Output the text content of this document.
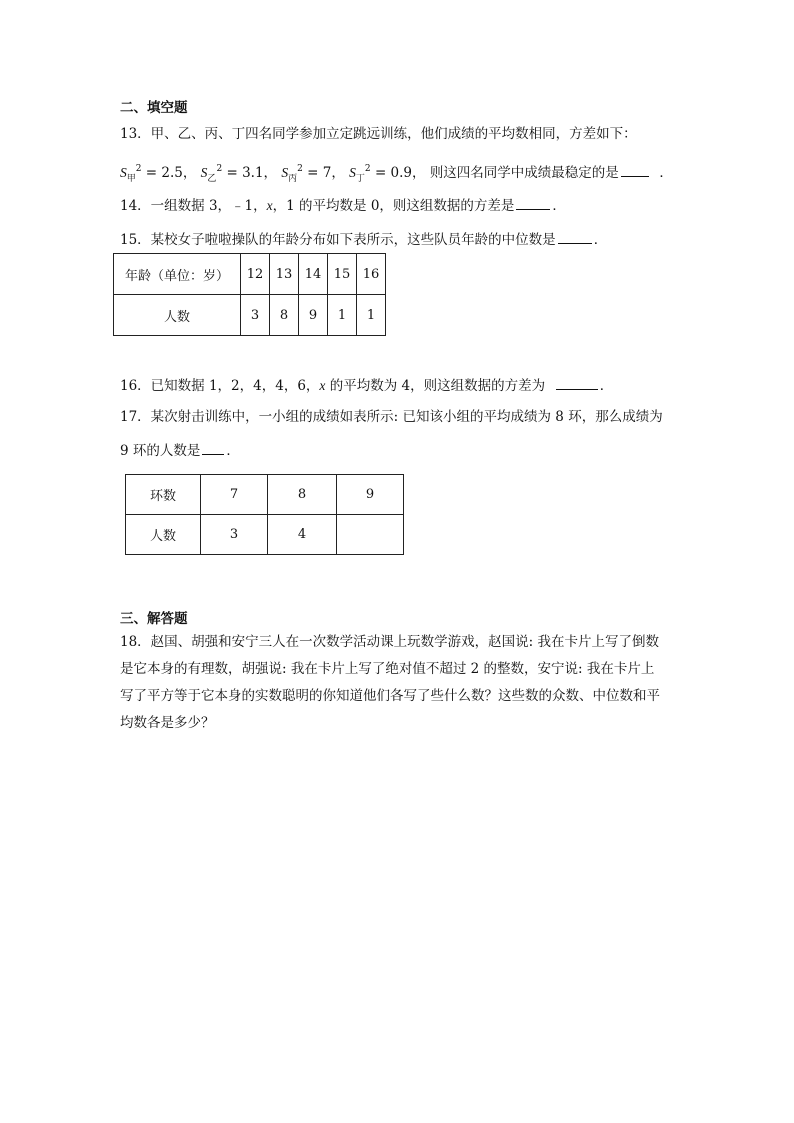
二、填空题
13．甲、乙、丙、丁四名同学参加立定跳远训练，他们成绩的平均数相同，方差如下：
$S_甲^2 = 2.5$， $S_乙^2 = 3.1$， $S_丙^2 = 7$， $S_丁^2 = 0.9$， 则这四名同学中成绩最稳定的是	．
14．一组数据 3，﹣1，x，1 的平均数是 0，则这组数据的方差是	．
15．某校女子啦啦操队的年龄分布如下表所示，这些队员年龄的中位数是	．
年龄（单位：岁）	12	13	14	15	16
人数	3	8	9	1	1
16．已知数据 1，2，4，4，6，x 的平均数为 4，则这组数据的方差为	．
17．某次射击训练中，一小组的成绩如表所示: 已知该小组的平均成绩为 8 环，那么成绩为
9 环的人数是 ．
环数	7	8	9
人数	3	4	
三、解答题
18．赵国、胡强和安宁三人在一次数学活动课上玩数学游戏，赵国说: 我在卡片上写了倒数
是它本身的有理数，胡强说: 我在卡片上写了绝对值不超过 2 的整数，安宁说: 我在卡片上
写了平方等于它本身的实数聪明的你知道他们各写了些什么数？这些数的众数、中位数和平
均数各是多少？
